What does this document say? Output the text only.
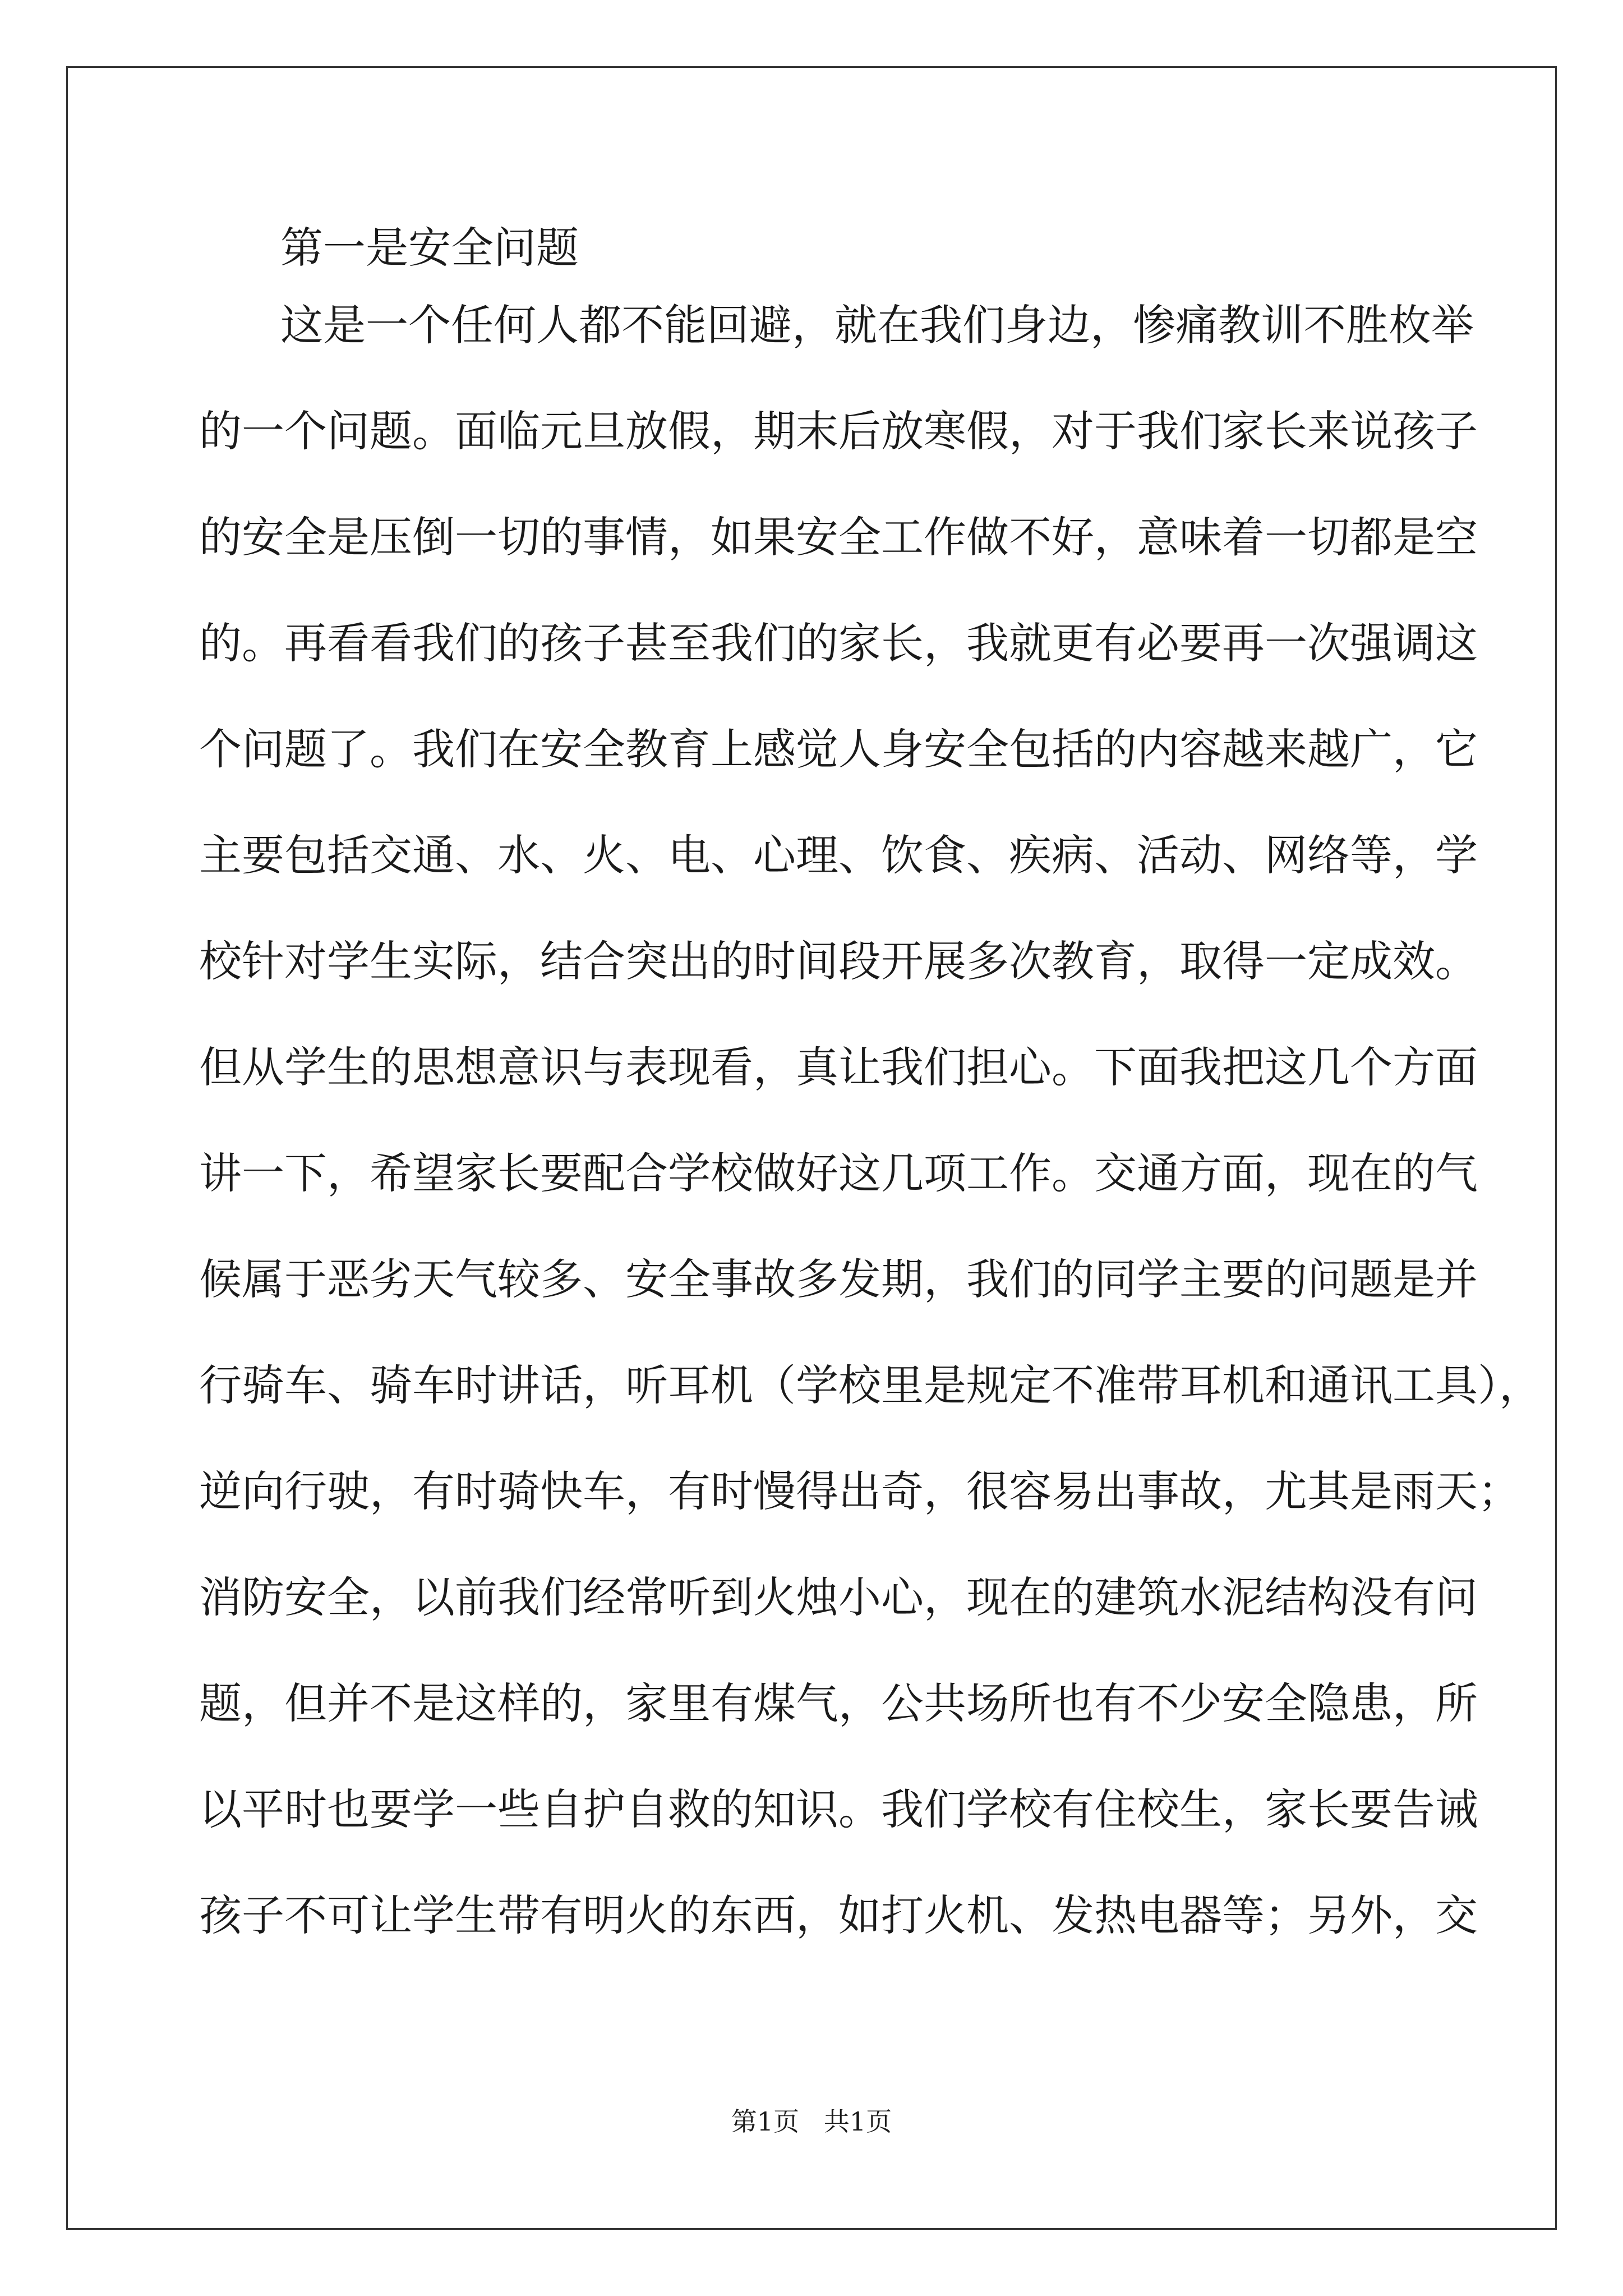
第一是安全问题
这是一个任何人都不能回避，就在我们身边，惨痛教训不胜枚举
的一个问题。面临元旦放假，期末后放寒假，对于我们家长来说孩子
的安全是压倒一切的事情，如果安全工作做不好，意味着一切都是空
的。再看看我们的孩子甚至我们的家长，我就更有必要再一次强调这
个问题了。我们在安全教育上感觉人身安全包括的内容越来越广，它
主要包括交通、水、火、电、心理、饮食、疾病、活动、网络等，学
校针对学生实际，结合突出的时间段开展多次教育，取得一定成效。
但从学生的思想意识与表现看，真让我们担心。下面我把这几个方面
讲一下，希望家长要配合学校做好这几项工作。交通方面，现在的气
候属于恶劣天气较多、安全事故多发期，我们的同学主要的问题是并
行骑车、骑车时讲话，听耳机（学校里是规定不准带耳机和通讯工具），
逆向行驶，有时骑快车，有时慢得出奇，很容易出事故，尤其是雨天；
消防安全，以前我们经常听到火烛小心，现在的建筑水泥结构没有问
题，但并不是这样的，家里有煤气，公共场所也有不少安全隐患，所
以平时也要学一些自护自救的知识。我们学校有住校生，家长要告诫
孩子不可让学生带有明火的东西，如打火机、发热电器等；另外，交
第1页   共1页
